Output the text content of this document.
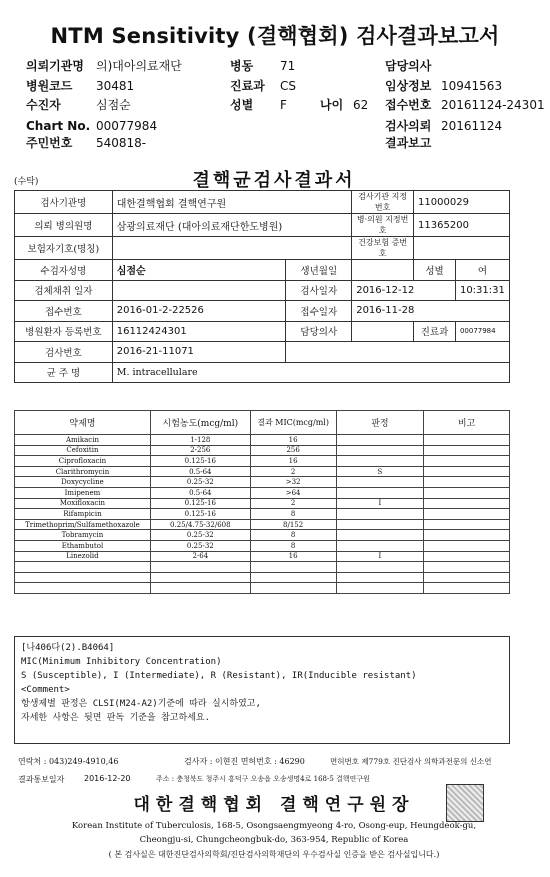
NTM Sensitivity (결핵협회) 검사결과보고서
의뢰기관명 의)대아의료재단	병동 71	담당의사
병원코드 30481	진료과 CS	임상정보 10941563
수진자	심점순	성별 F	나이 62 접수번호 20161124-24301
Chart No. 00077984	검사의뢰 20161124
주민번호 540818-	결과보고
(수탁)	결핵균검사결과서
검사기관명	대한결핵협회 결핵연구원		검사기관 지정번호	11000029	
의뢰 병의원명	삼광의료재단 (대아의료재단한도병원)		병·의원 지정번호	11365200	
보험자기호(명칭)			건강보험 증번호		
수검자성명	심점순	생년월일		성별	여
검체채취 일자		검사일자	2016-12-12		10:31:31
접수번호	2016-01-2-22526	접수일자	2016-11-28		
병원환자 등록번호	16112424301	담당의사		진료과	00077984
검사번호	2016-21-11071				
균 주 명	M. intracellulare				
약제명	시험농도(mcg/ml)	결과 MIC(mcg/ml)	판정	비고
Amikacin	1-128	16		
Cefoxitin	2-256	256		
Ciprofloxacin	0.125-16	16		
Clarithromycin	0.5-64	2	S	
Doxycycline	0.25-32	>32		
Imipenem	0.5-64	>64		
Moxifloxacin	0.125-16	2	I	
Rifampicin	0.125-16	8		
Trimethoprim/Sulfamethoxazole	0.25/4.75-32/608	8/152		
Tobramycin	0.25-32	8		
Ethambutol	0.25-32	8		
Linezolid	2-64	16	I	

[나406다(2).B4064]
MIC(Minimum Inhibitory Concentration)
S (Susceptible), I (Intermediate), R (Resistant), IR(Inducible resistant)
<Comment>
항생제별 판정은 CLSI(M24-A2)기준에 따라 실시하였고,
자세한 사항은 뒷면 판독 기준을 참고하세요.
연락처 : 043)249-4910,46	검사자 : 이현진 면허번호 : 46290	면허번호 제779호 진단검사 의학과전문의 신소연
결과통보일자 2016-12-20	주소 : 충청북도 청주시 흥덕구 오송읍 오송생명4로 168-5 결핵연구원
대한결핵협회 결핵연구원장
Korean Institute of Tuberculosis, 168-5, Osongsaengmyeong 4-ro, Osong-eup, Heungdeok-gu,
Cheongju-si, Chungcheongbuk-do, 363-954, Republic of Korea
( 본 검사실은 대한진단검사의학회/진단검사의학재단의 우수검사실 인증을 받은 검사실입니다.)
